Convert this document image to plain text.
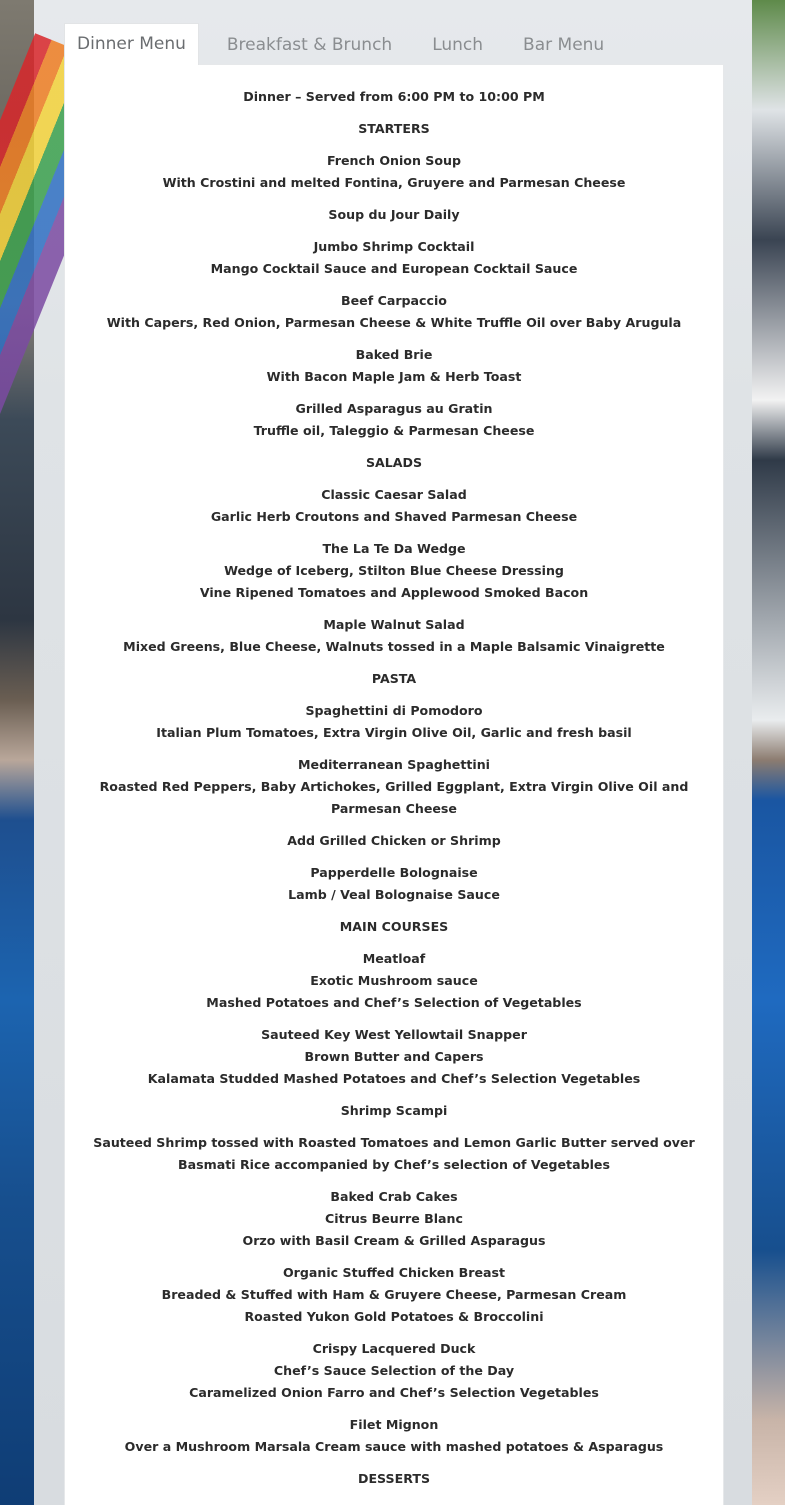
Dinner Menu	Breakfast & Brunch	Lunch	Bar Menu

Dinner – Served from 6:00 PM to 10:00 PM

STARTERS

French Onion Soup
With Crostini and melted Fontina, Gruyere and Parmesan Cheese

Soup du Jour Daily

Jumbo Shrimp Cocktail
Mango Cocktail Sauce and European Cocktail Sauce

Beef Carpaccio
With Capers, Red Onion, Parmesan Cheese & White Truffle Oil over Baby Arugula

Baked Brie
With Bacon Maple Jam & Herb Toast

Grilled Asparagus au Gratin
Truffle oil, Taleggio & Parmesan Cheese

SALADS

Classic Caesar Salad
Garlic Herb Croutons and Shaved Parmesan Cheese

The La Te Da Wedge
Wedge of Iceberg, Stilton Blue Cheese Dressing
Vine Ripened Tomatoes and Applewood Smoked Bacon

Maple Walnut Salad
Mixed Greens, Blue Cheese, Walnuts tossed in a Maple Balsamic Vinaigrette

PASTA

Spaghettini di Pomodoro
Italian Plum Tomatoes, Extra Virgin Olive Oil, Garlic and fresh basil

Mediterranean Spaghettini
Roasted Red Peppers, Baby Artichokes, Grilled Eggplant, Extra Virgin Olive Oil and Parmesan Cheese

Add Grilled Chicken or Shrimp

Papperdelle Bolognaise
Lamb / Veal Bolognaise Sauce

MAIN COURSES

Meatloaf
Exotic Mushroom sauce
Mashed Potatoes and Chef’s Selection of Vegetables

Sauteed Key West Yellowtail Snapper
Brown Butter and Capers
Kalamata Studded Mashed Potatoes and Chef’s Selection Vegetables

Shrimp Scampi

Sauteed Shrimp tossed with Roasted Tomatoes and Lemon Garlic Butter served over Basmati Rice accompanied by Chef’s selection of Vegetables

Baked Crab Cakes
Citrus Beurre Blanc
Orzo with Basil Cream & Grilled Asparagus

Organic Stuffed Chicken Breast
Breaded & Stuffed with Ham & Gruyere Cheese, Parmesan Cream
Roasted Yukon Gold Potatoes & Broccolini

Crispy Lacquered Duck
Chef’s Sauce Selection of the Day
Caramelized Onion Farro and Chef’s Selection Vegetables

Filet Mignon
Over a Mushroom Marsala Cream sauce with mashed potatoes & Asparagus

DESSERTS
